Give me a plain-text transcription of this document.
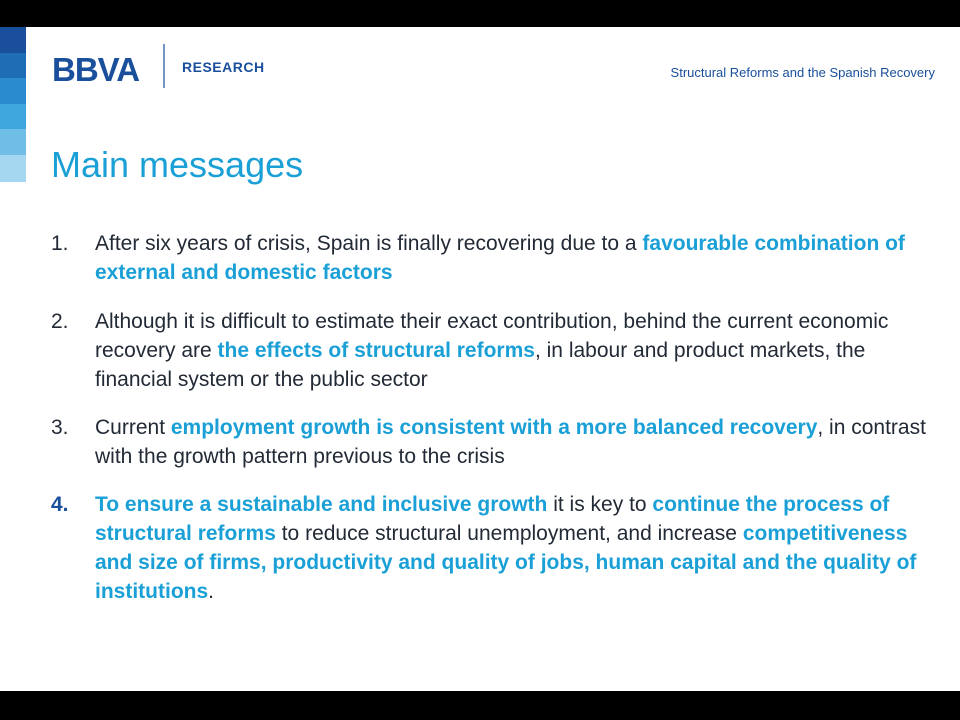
BBVA	RESEARCH	Structural Reforms and the Spanish Recovery
Main messages
1.	After six years of crisis, Spain is finally recovering due to a favourable combination of external and domestic factors
2.	Although it is difficult to estimate their exact contribution, behind the current economic recovery are the effects of structural reforms, in labour and product markets, the financial system or the public sector
3.	Current employment growth is consistent with a more balanced recovery, in contrast with the growth pattern previous to the crisis
4.	To ensure a sustainable and inclusive growth it is key to continue the process of structural reforms to reduce structural unemployment, and increase competitiveness and size of firms, productivity and quality of jobs, human capital and the quality of institutions.
